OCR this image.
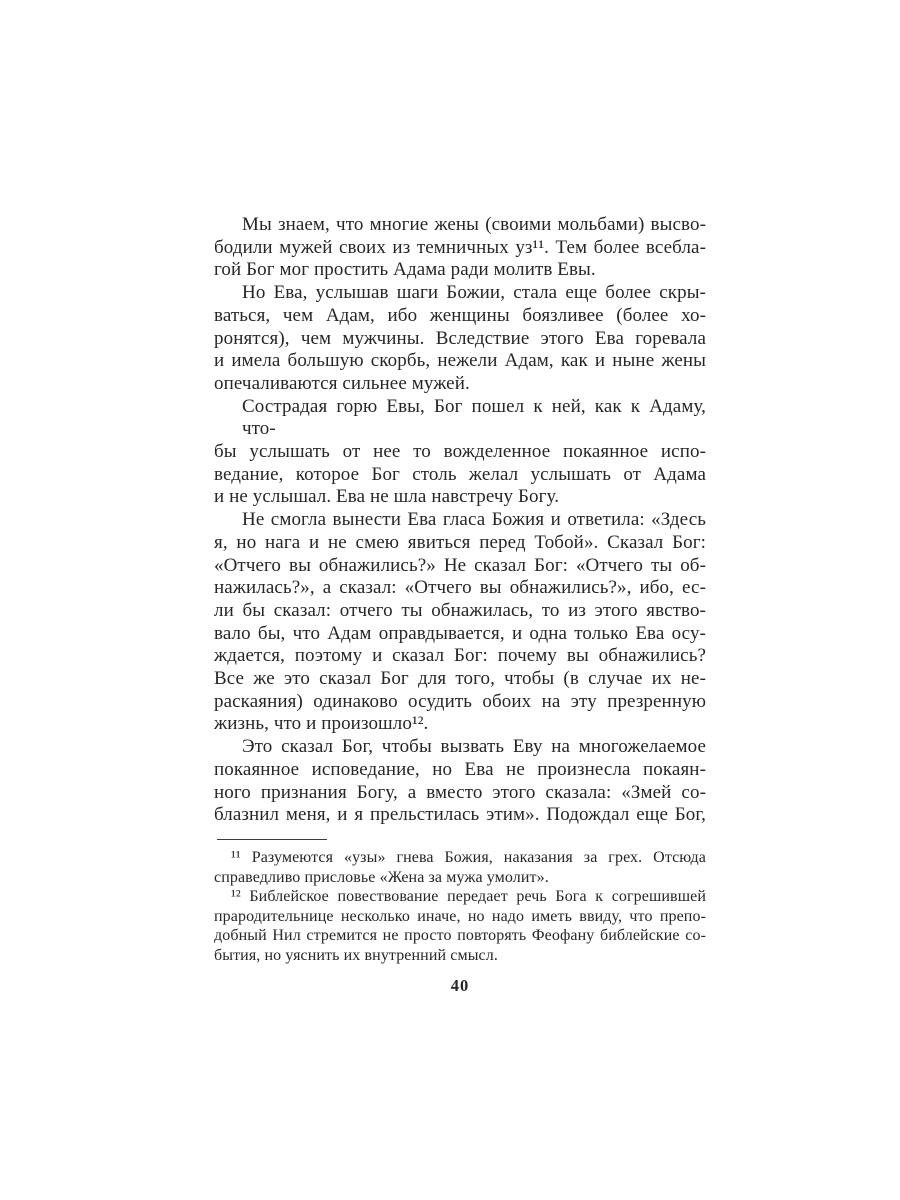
Мы знаем, что многие жены (своими мольбами) высво-
бодили мужей своих из темничных уз¹¹. Тем более всебла-
гой Бог мог простить Адама ради молитв Евы.
Но Ева, услышав шаги Божии, стала еще более скры-
ваться, чем Адам, ибо женщины боязливее (более хо-
ронятся), чем мужчины. Вследствие этого Ева горевала
и имела большую скорбь, нежели Адам, как и ныне жены
опечаливаются сильнее мужей.
Сострадая горю Евы, Бог пошел к ней, как к Адаму, что-
бы услышать от нее то вожделенное покаянное испо-
ведание, которое Бог столь желал услышать от Адама
и не услышал. Ева не шла навстречу Богу.
Не смогла вынести Ева гласа Божия и ответила: «Здесь
я, но нага и не смею явиться перед Тобой». Сказал Бог:
«Отчего вы обнажились?» Не сказал Бог: «Отчего ты об-
нажилась?», а сказал: «Отчего вы обнажились?», ибо, ес-
ли бы сказал: отчего ты обнажилась, то из этого явство-
вало бы, что Адам оправдывается, и одна только Ева осу-
ждается, поэтому и сказал Бог: почему вы обнажились?
Все же это сказал Бог для того, чтобы (в случае их не-
раскаяния) одинаково осудить обоих на эту презренную
жизнь, что и произошло¹².
Это сказал Бог, чтобы вызвать Еву на многожелаемое
покаянное исповедание, но Ева не произнесла покаян-
ного признания Богу, а вместо этого сказала: «Змей со-
блазнил меня, и я прельстилась этим». Подождал еще Бог,
¹¹ Разумеются «узы» гнева Божия, наказания за грех. Отсюда
справедливо присловье «Жена за мужа умолит».
¹² Библейское повествование передает речь Бога к согрешившей
прародительнице несколько иначе, но надо иметь ввиду, что препо-
добный Нил стремится не просто повторять Феофану библейские со-
бытия, но уяснить их внутренний смысл.
40
